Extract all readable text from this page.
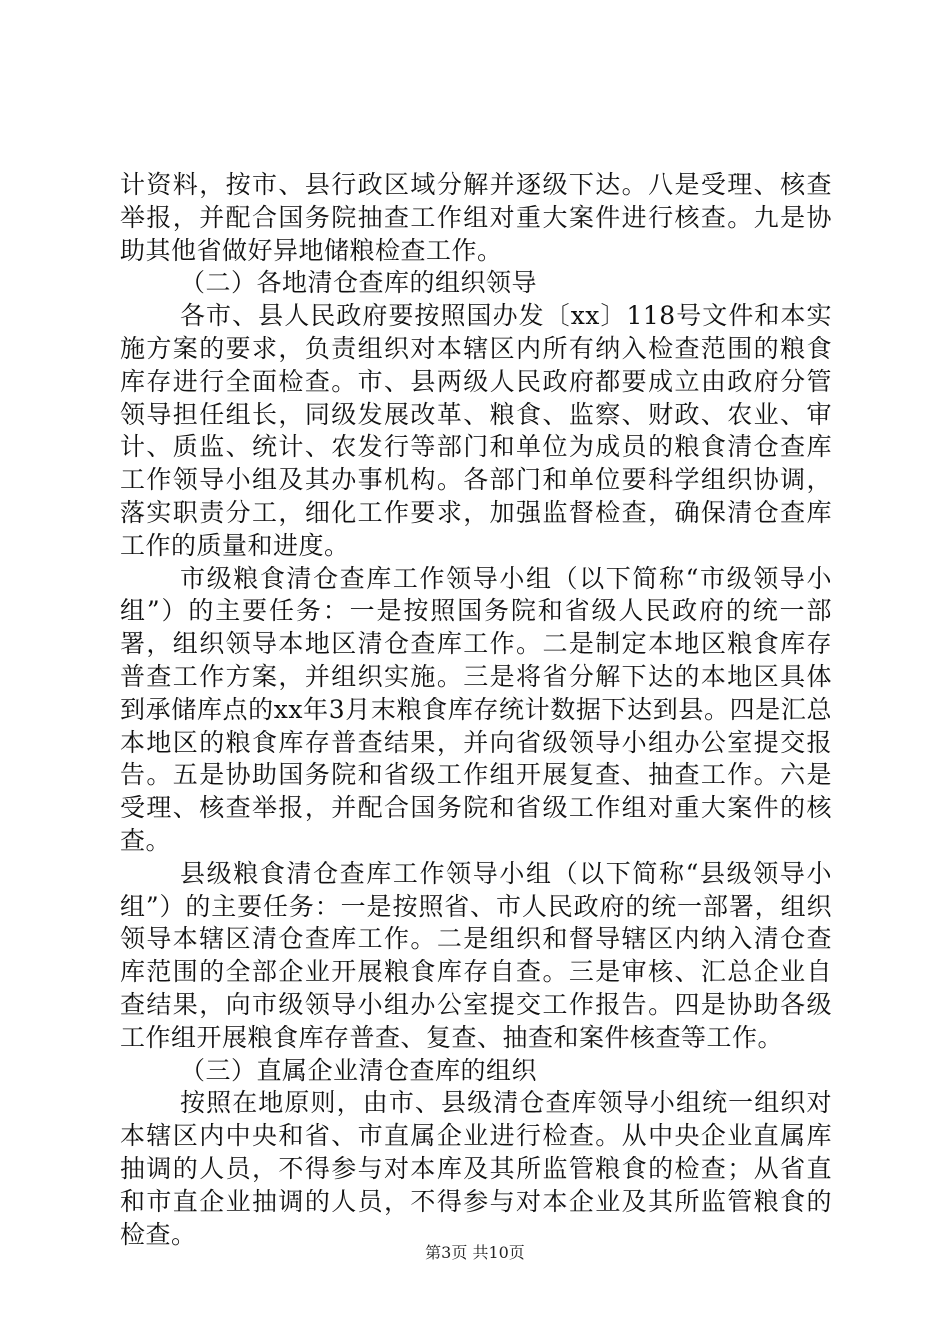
计资料，按市、县行政区域分解并逐级下达。八是受理、核查举报，并配合国务院抽查工作组对重大案件进行核查。九是协助其他省做好异地储粮检查工作。

（二）各地清仓查库的组织领导

各市、县人民政府要按照国办发〔xx〕118号文件和本实施方案的要求，负责组织对本辖区内所有纳入检查范围的粮食库存进行全面检查。市、县两级人民政府都要成立由政府分管领导担任组长，同级发展改革、粮食、监察、财政、农业、审计、质监、统计、农发行等部门和单位为成员的粮食清仓查库工作领导小组及其办事机构。各部门和单位要科学组织协调，落实职责分工，细化工作要求，加强监督检查，确保清仓查库工作的质量和进度。

市级粮食清仓查库工作领导小组（以下简称“市级领导小组”）的主要任务：一是按照国务院和省级人民政府的统一部署，组织领导本地区清仓查库工作。二是制定本地区粮食库存普查工作方案，并组织实施。三是将省分解下达的本地区具体到承储库点的xx年3月末粮食库存统计数据下达到县。四是汇总本地区的粮食库存普查结果，并向省级领导小组办公室提交报告。五是协助国务院和省级工作组开展复查、抽查工作。六是受理、核查举报，并配合国务院和省级工作组对重大案件的核查。

县级粮食清仓查库工作领导小组（以下简称“县级领导小组”）的主要任务：一是按照省、市人民政府的统一部署，组织领导本辖区清仓查库工作。二是组织和督导辖区内纳入清仓查库范围的全部企业开展粮食库存自查。三是审核、汇总企业自查结果，向市级领导小组办公室提交工作报告。四是协助各级工作组开展粮食库存普查、复查、抽查和案件核查等工作。

（三）直属企业清仓查库的组织

按照在地原则，由市、县级清仓查库领导小组统一组织对本辖区内中央和省、市直属企业进行检查。从中央企业直属库抽调的人员，不得参与对本库及其所监管粮食的检查；从省直和市直企业抽调的人员，不得参与对本企业及其所监管粮食的检查。

第3页 共10页
